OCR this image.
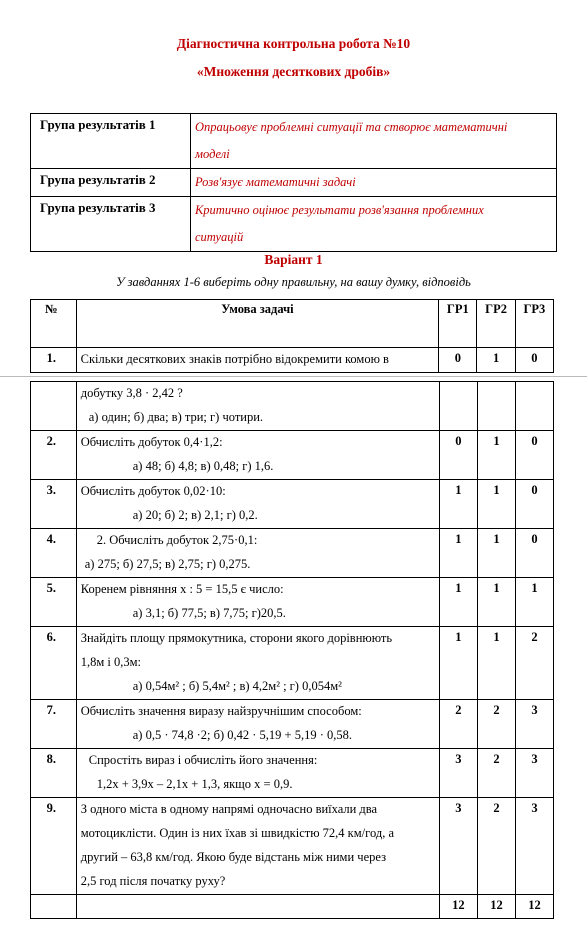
Діагностична контрольна робота №10
«Множення десяткових дробів»
Група результатів 1	Опрацьовує проблемні ситуації та створює математичні
моделі

Група результатів 2	Розв'язує математичні задачі

Група результатів 3	Критично оцінює результати розв'язання проблемних
ситуацій
Варіант 1
У завданнях 1-6 виберіть одну правильну, на вашу думку, відповідь
№	Умова задачі	ГР1	ГР2	ГР3
1.	Скільки десяткових знаків потрібно відокремити комою в	0	1	0

	добутку 3,8 · 2,42 ?
а) один; б) два; в) три; г) чотири.			

2.	Обчисліть добуток 0,4·1,2:
а) 48; б) 4,8; в) 0,48; г) 1,6.	0	1	0
3.	Обчисліть добуток 0,02·10:
а) 20; б) 2; в) 2,1; г) 0,2.	1	1	0
4.	2. Обчисліть добуток 2,75·0,1:
а) 275; б) 27,5; в) 2,75; г) 0,275.	1	1	0
5.	Коренем рівняння х : 5 = 15,5 є число:
а) 3,1; б) 77,5; в) 7,75; г)20,5.	1	1	1
6.	Знайдіть площу прямокутника, сторони якого дорівнюють
1,8м і 0,3м:
а) 0,54м² ; б) 5,4м² ; в) 4,2м² ; г) 0,054м²	1	1	2
7.	Обчисліть значення виразу найзручнішим способом:
а) 0,5 · 74,8 ·2; б) 0,42 · 5,19 + 5,19 · 0,58.	2	2	3
8.	Спростіть вираз і обчисліть його значення:
1,2х + 3,9х – 2,1х + 1,3, якщо х = 0,9.	3	2	3
9.	З одного міста в одному напрямі одночасно виїхали два
мотоциклісти. Один із них їхав зі швидкістю 72,4 км/год, а
другий – 63,8 км/год. Якою буде відстань між ними через
2,5 год після початку руху?	3	2	3
		12	12	12
